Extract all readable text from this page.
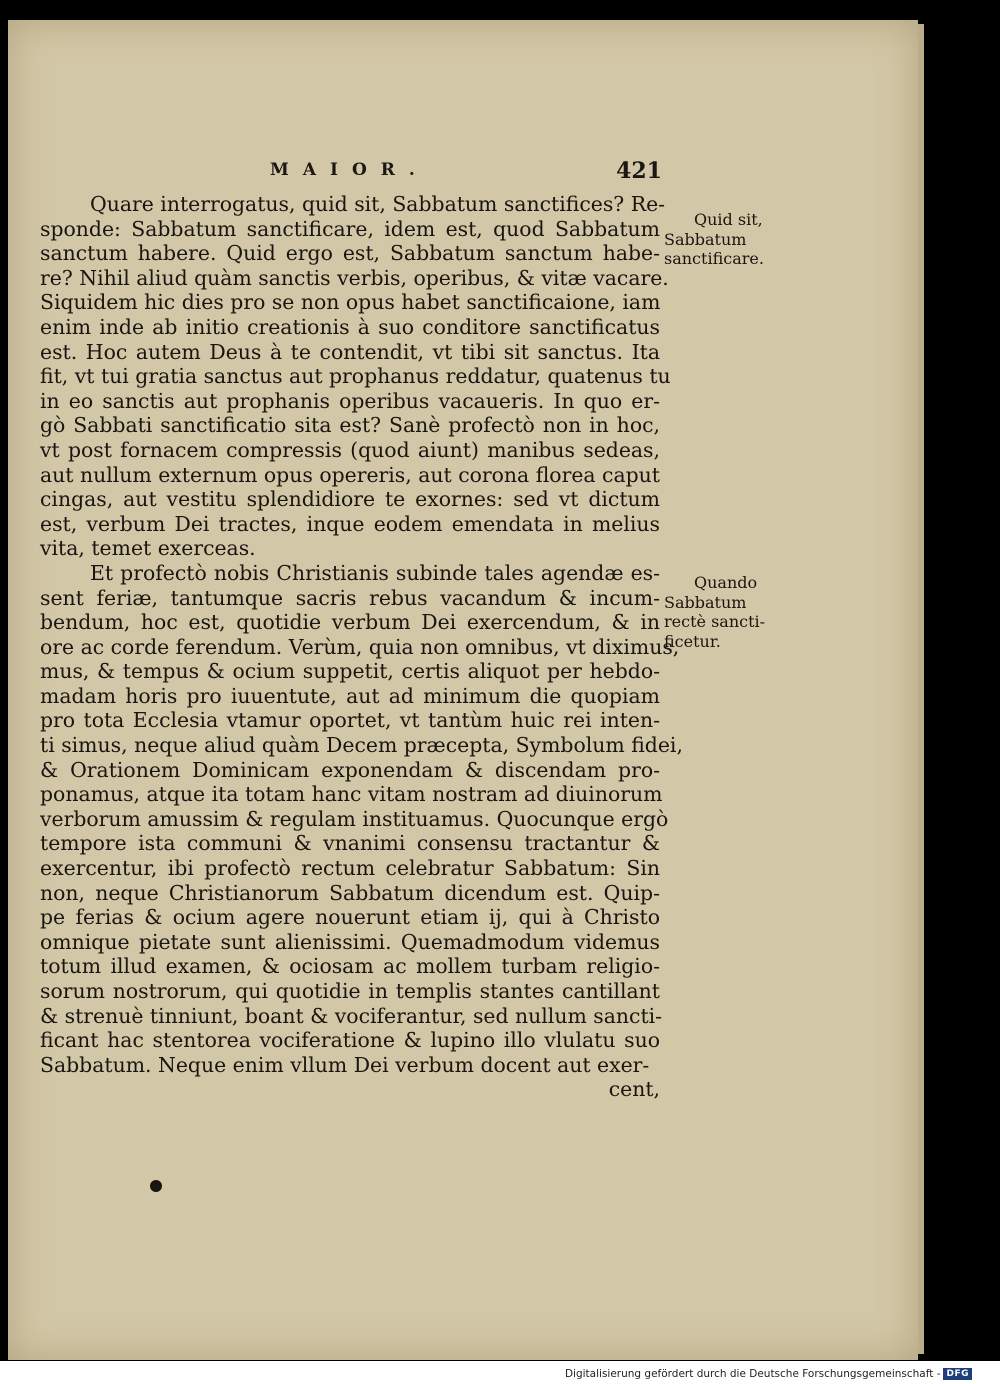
MAIOR.	421
Quare interrogatus, quid sit, Sabbatum sanctifices? Re-
sponde: Sabbatum sanctificare, idem est, quod Sabbatum
sanctum habere. Quid ergo est, Sabbatum sanctum habe-
re? Nihil aliud quàm sanctis verbis, operibus, & vitæ vacare.
Siquidem hic dies pro se non opus habet sanctificaione, iam
enim inde ab initio creationis à suo conditore sanctificatus
est. Hoc autem Deus à te contendit, vt tibi sit sanctus. Ita
fit, vt tui gratia sanctus aut prophanus reddatur, quatenus tu
in eo sanctis aut prophanis operibus vacaueris. In quo er-
gò Sabbati sanctificatio sita est? Sanè profectò non in hoc,
vt post fornacem compressis (quod aiunt) manibus sedeas,
aut nullum externum opus opereris, aut corona florea caput
cingas, aut vestitu splendidiore te exornes: sed vt dictum
est, verbum Dei tractes, inque eodem emendata in melius
vita, temet exerceas.
Et profectò nobis Christianis subinde tales agendæ es-
sent feriæ, tantumque sacris rebus vacandum & incum-
bendum, hoc est, quotidie verbum Dei exercendum, & in
ore ac corde ferendum. Verùm, quia non omnibus, vt diximus,
mus, & tempus & ocium suppetit, certis aliquot per hebdo-
madam horis pro iuuentute, aut ad minimum die quopiam
pro tota Ecclesia vtamur oportet, vt tantùm huic rei inten-
ti simus, neque aliud quàm Decem præcepta, Symbolum fidei,
& Orationem Dominicam exponendam & discendam pro-
ponamus, atque ita totam hanc vitam nostram ad diuinorum
verborum amussim & regulam instituamus. Quocunque ergò
tempore ista communi & vnanimi consensu tractantur &
exercentur, ibi profectò rectum celebratur Sabbatum: Sin
non, neque Christianorum Sabbatum dicendum est. Quip-
pe ferias & ocium agere nouerunt etiam ij, qui à Christo
omnique pietate sunt alienissimi. Quemadmodum videmus
totum illud examen, & ociosam ac mollem turbam religio-
sorum nostrorum, qui quotidie in templis stantes cantillant
& strenuè tinniunt, boant & vociferantur, sed nullum sancti-
ficant hac stentorea vociferatione & lupino illo vlulatu suo
Sabbatum. Neque enim vllum Dei verbum docent aut exer-
cent,
Quid sit,
Sabbatum
sanctificare.
Quando
Sabbatum
rectè sancti-
ficetur.
Digitalisierung gefördert durch die Deutsche Forschungsgemeinschaft - DFG
